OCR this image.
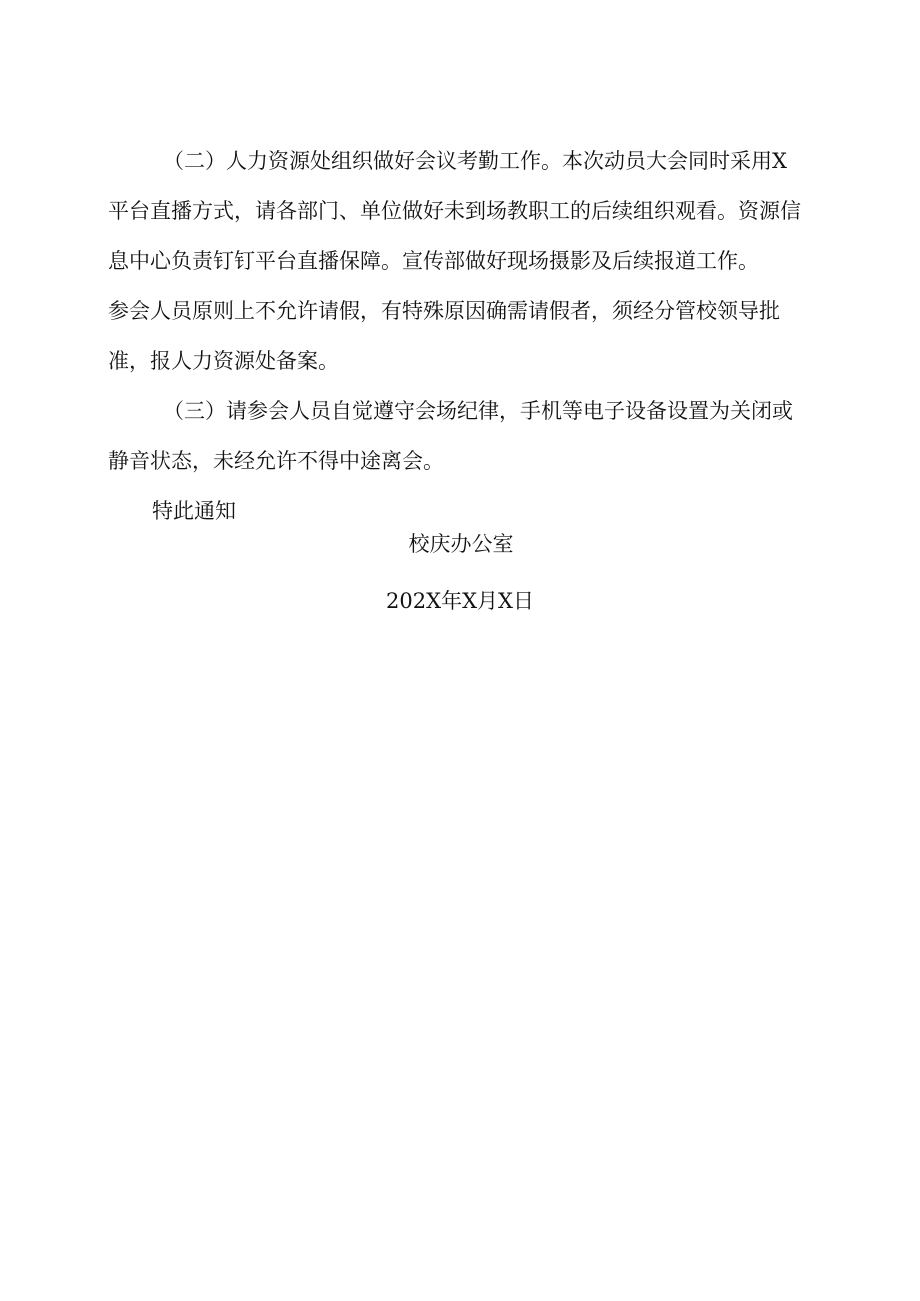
（二）人力资源处组织做好会议考勤工作。本次动员大会同时采用X
平台直播方式，请各部门、单位做好未到场教职工的后续组织观看。资源信
息中心负责钉钉平台直播保障。宣传部做好现场摄影及后续报道工作。
参会人员原则上不允许请假，有特殊原因确需请假者，须经分管校领导批
准，报人力资源处备案。
（三）请参会人员自觉遵守会场纪律，手机等电子设备设置为关闭或
静音状态，未经允许不得中途离会。
特此通知
校庆办公室
202X年X月X日
